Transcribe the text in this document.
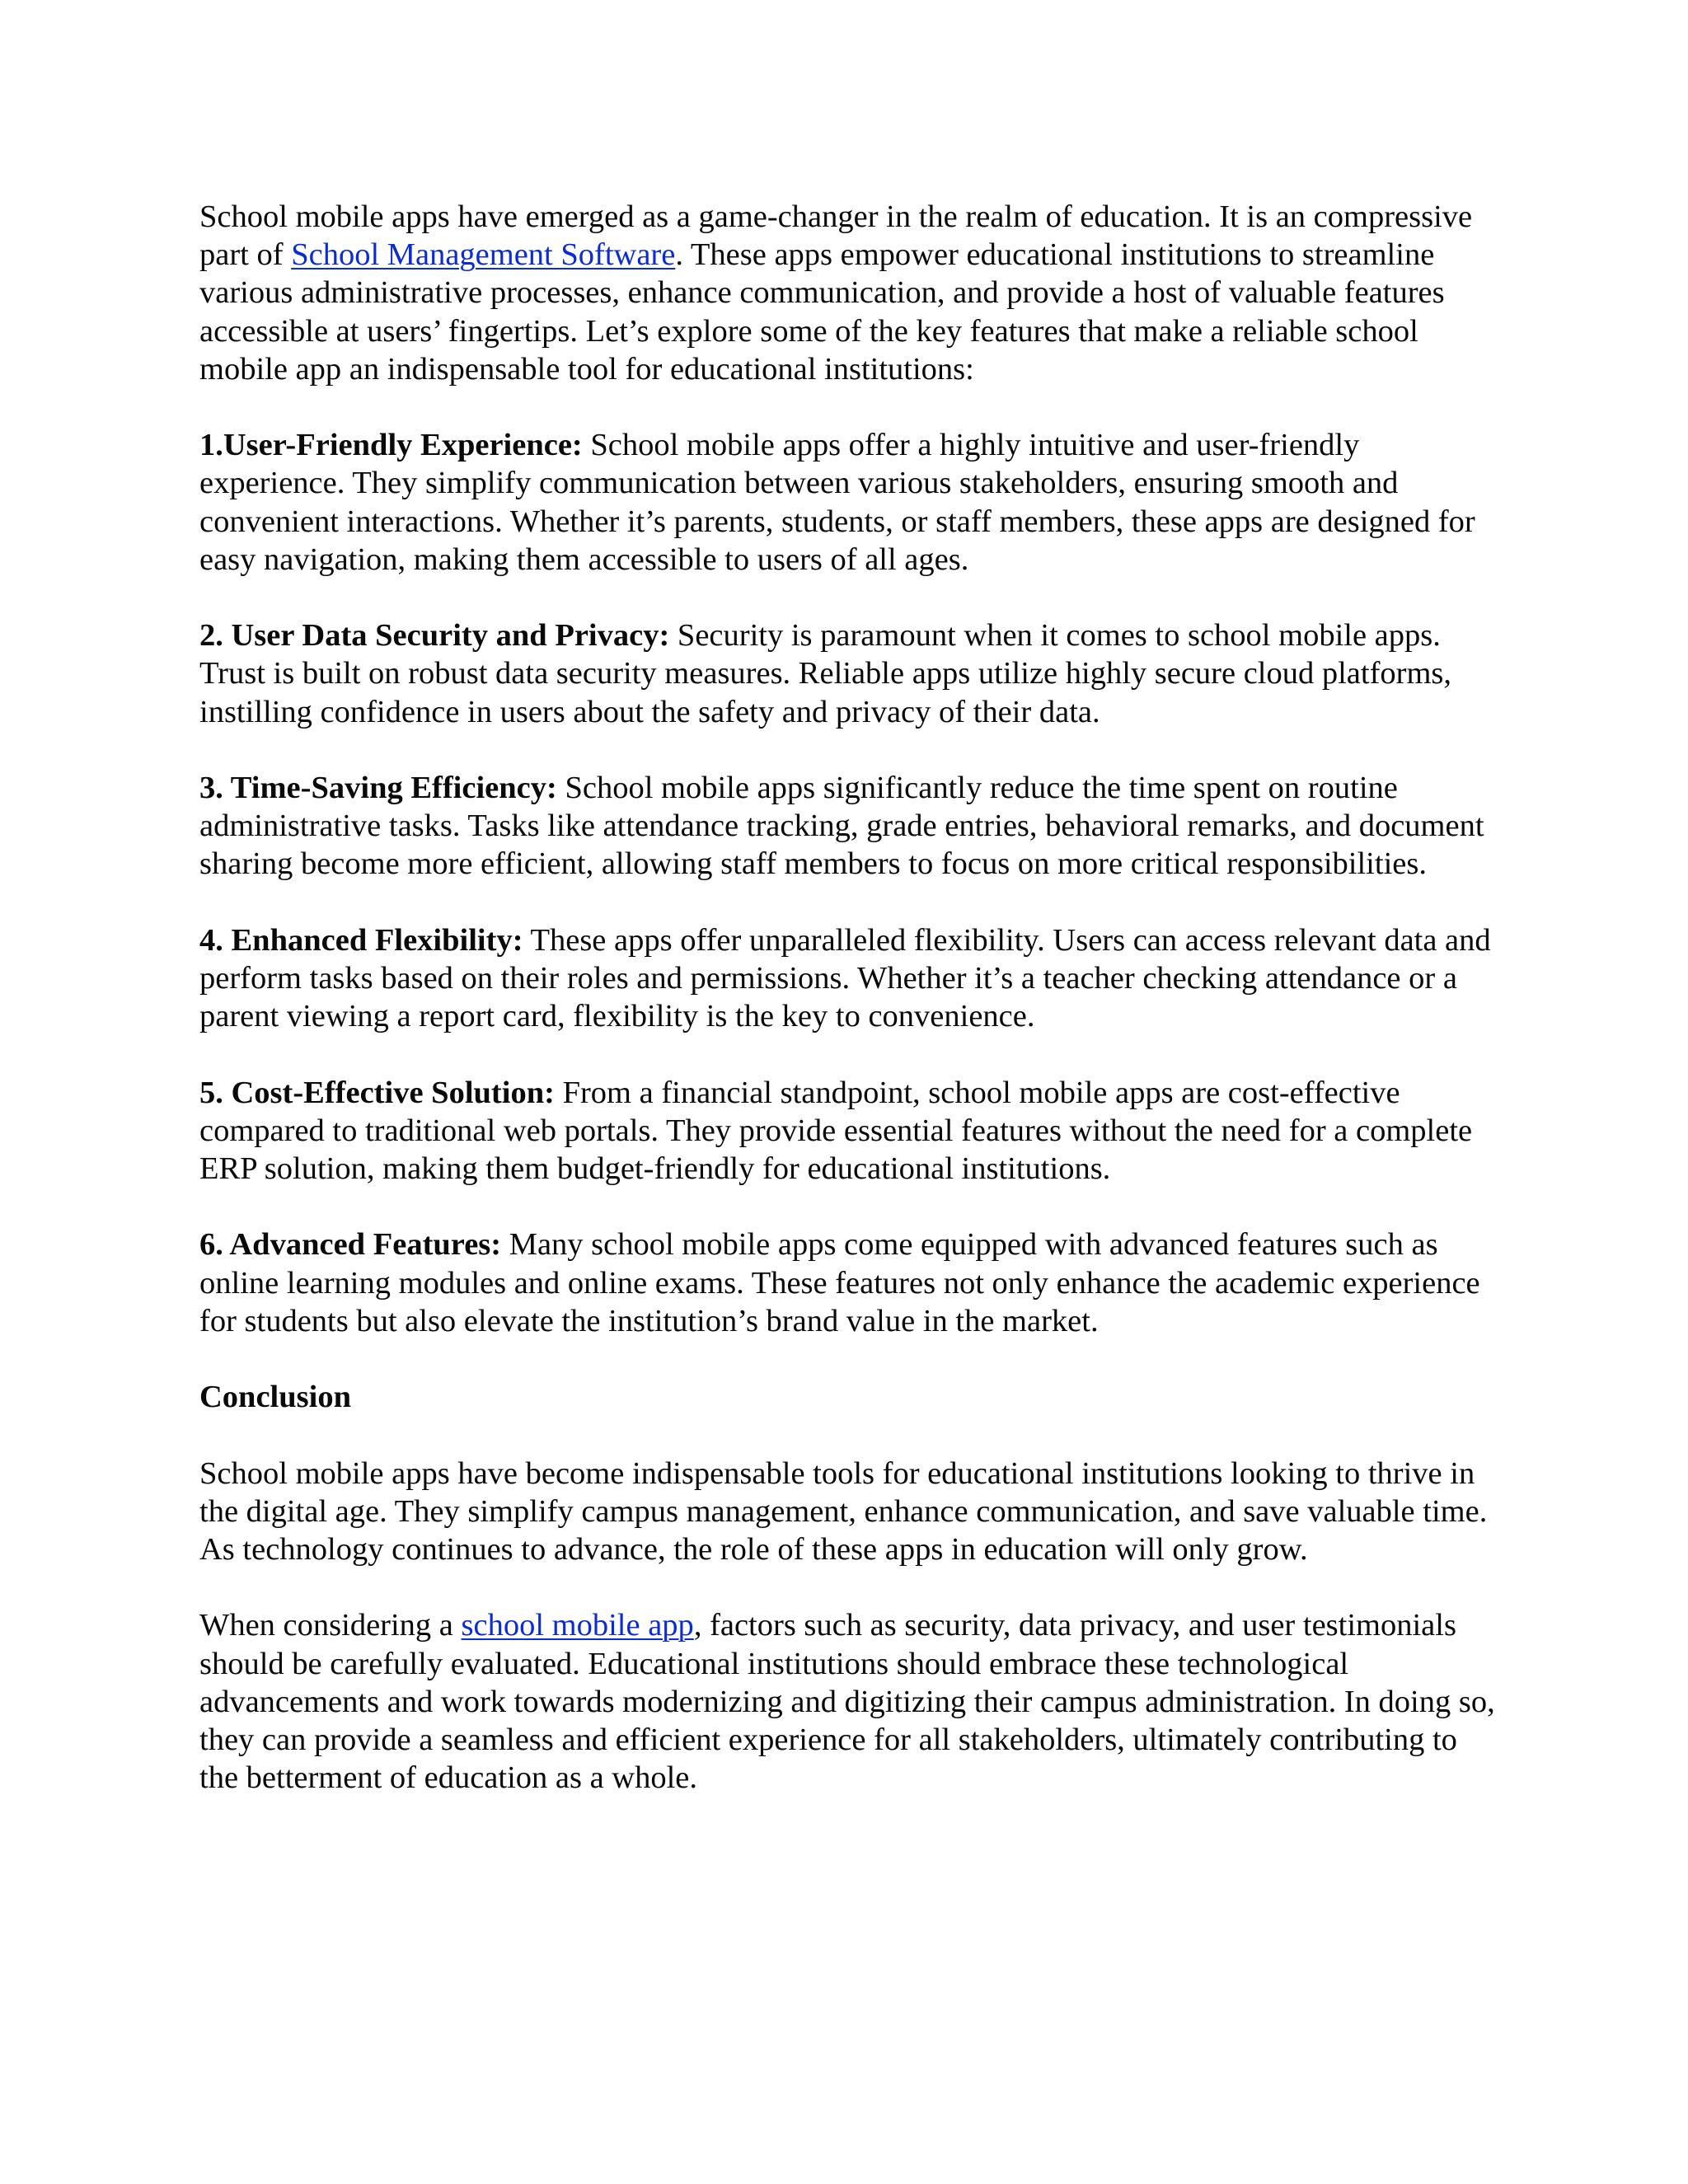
School mobile apps have emerged as a game-changer in the realm of education. It is an compressive part of School Management Software. These apps empower educational institutions to streamline various administrative processes, enhance communication, and provide a host of valuable features accessible at users’ fingertips. Let’s explore some of the key features that make a reliable school mobile app an indispensable tool for educational institutions:

1.User-Friendly Experience: School mobile apps offer a highly intuitive and user-friendly experience. They simplify communication between various stakeholders, ensuring smooth and convenient interactions. Whether it’s parents, students, or staff members, these apps are designed for easy navigation, making them accessible to users of all ages.

2. User Data Security and Privacy: Security is paramount when it comes to school mobile apps. Trust is built on robust data security measures. Reliable apps utilize highly secure cloud platforms, instilling confidence in users about the safety and privacy of their data.

3. Time-Saving Efficiency: School mobile apps significantly reduce the time spent on routine administrative tasks. Tasks like attendance tracking, grade entries, behavioral remarks, and document sharing become more efficient, allowing staff members to focus on more critical responsibilities.

4. Enhanced Flexibility: These apps offer unparalleled flexibility. Users can access relevant data and perform tasks based on their roles and permissions. Whether it’s a teacher checking attendance or a parent viewing a report card, flexibility is the key to convenience.

5. Cost-Effective Solution: From a financial standpoint, school mobile apps are cost-effective compared to traditional web portals. They provide essential features without the need for a complete ERP solution, making them budget-friendly for educational institutions.

6. Advanced Features: Many school mobile apps come equipped with advanced features such as online learning modules and online exams. These features not only enhance the academic experience for students but also elevate the institution’s brand value in the market.

Conclusion

School mobile apps have become indispensable tools for educational institutions looking to thrive in the digital age. They simplify campus management, enhance communication, and save valuable time. As technology continues to advance, the role of these apps in education will only grow.

When considering a school mobile app, factors such as security, data privacy, and user testimonials should be carefully evaluated. Educational institutions should embrace these technological advancements and work towards modernizing and digitizing their campus administration. In doing so, they can provide a seamless and efficient experience for all stakeholders, ultimately contributing to the betterment of education as a whole.
